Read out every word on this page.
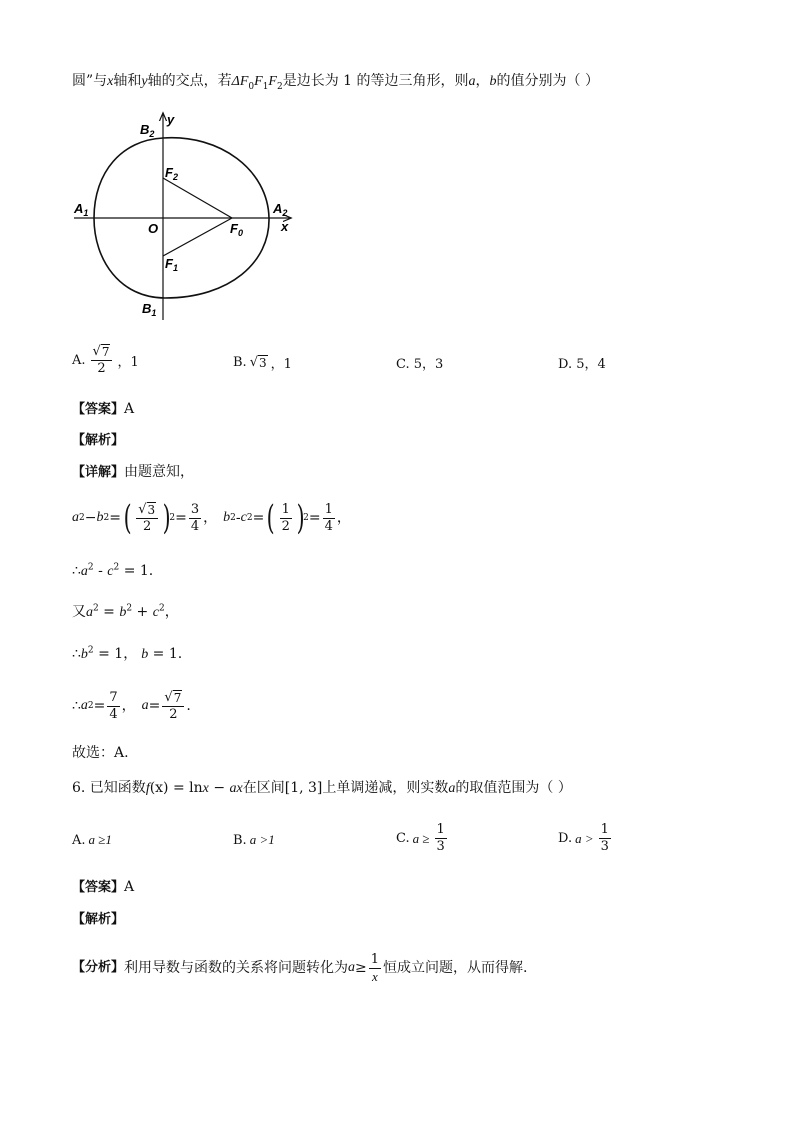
圆”与x轴和y轴的交点，若$\Delta F_0F_1F_2$是边长为 1 的等边三角形，则a，b的值分别为（ ）
$B_2$
y
$F_2$
$A_1$	$A_2$
O	$F_0$	x
$F_1$
$B_1$
A. $\frac{√ 7}{2}$ ，1	B. √ 3 ，1	C. 5，3	D. 5，4
【答案】A
【解析】
【详解】由题意知，
a 2 − b 2 = ( $\frac{√ 3}{2}$ )
$2 = \frac{3}{4}$ ， b 2 - c 2 = ( $\frac{1}{2}$ )
$2 = \frac{1}{4}$ ，
$\therefore a^2 - c^2 = 1$.
又$a^2 = b^2 + c^2$，
$\therefore b^2 = 1$， b = 1.
∴ a $2 = \frac{7}{4}$ ， $a = \frac{√ 7}{2}$ .
故选：A.
6. 已知函数f(x) = lnx − ax在区间[1, 3]上单调递减，则实数a的取值范围为（ ）
A. a ≥1	B. a >1	C. $a \ge \frac{1}{3}$	D. $a > \frac{1}{3}$
【答案】A
【解析】
【分析】 利用导数与函数的关系将问题转化为 $a \ge \frac{1}{x}$ 恒成立问题，从而得解.
